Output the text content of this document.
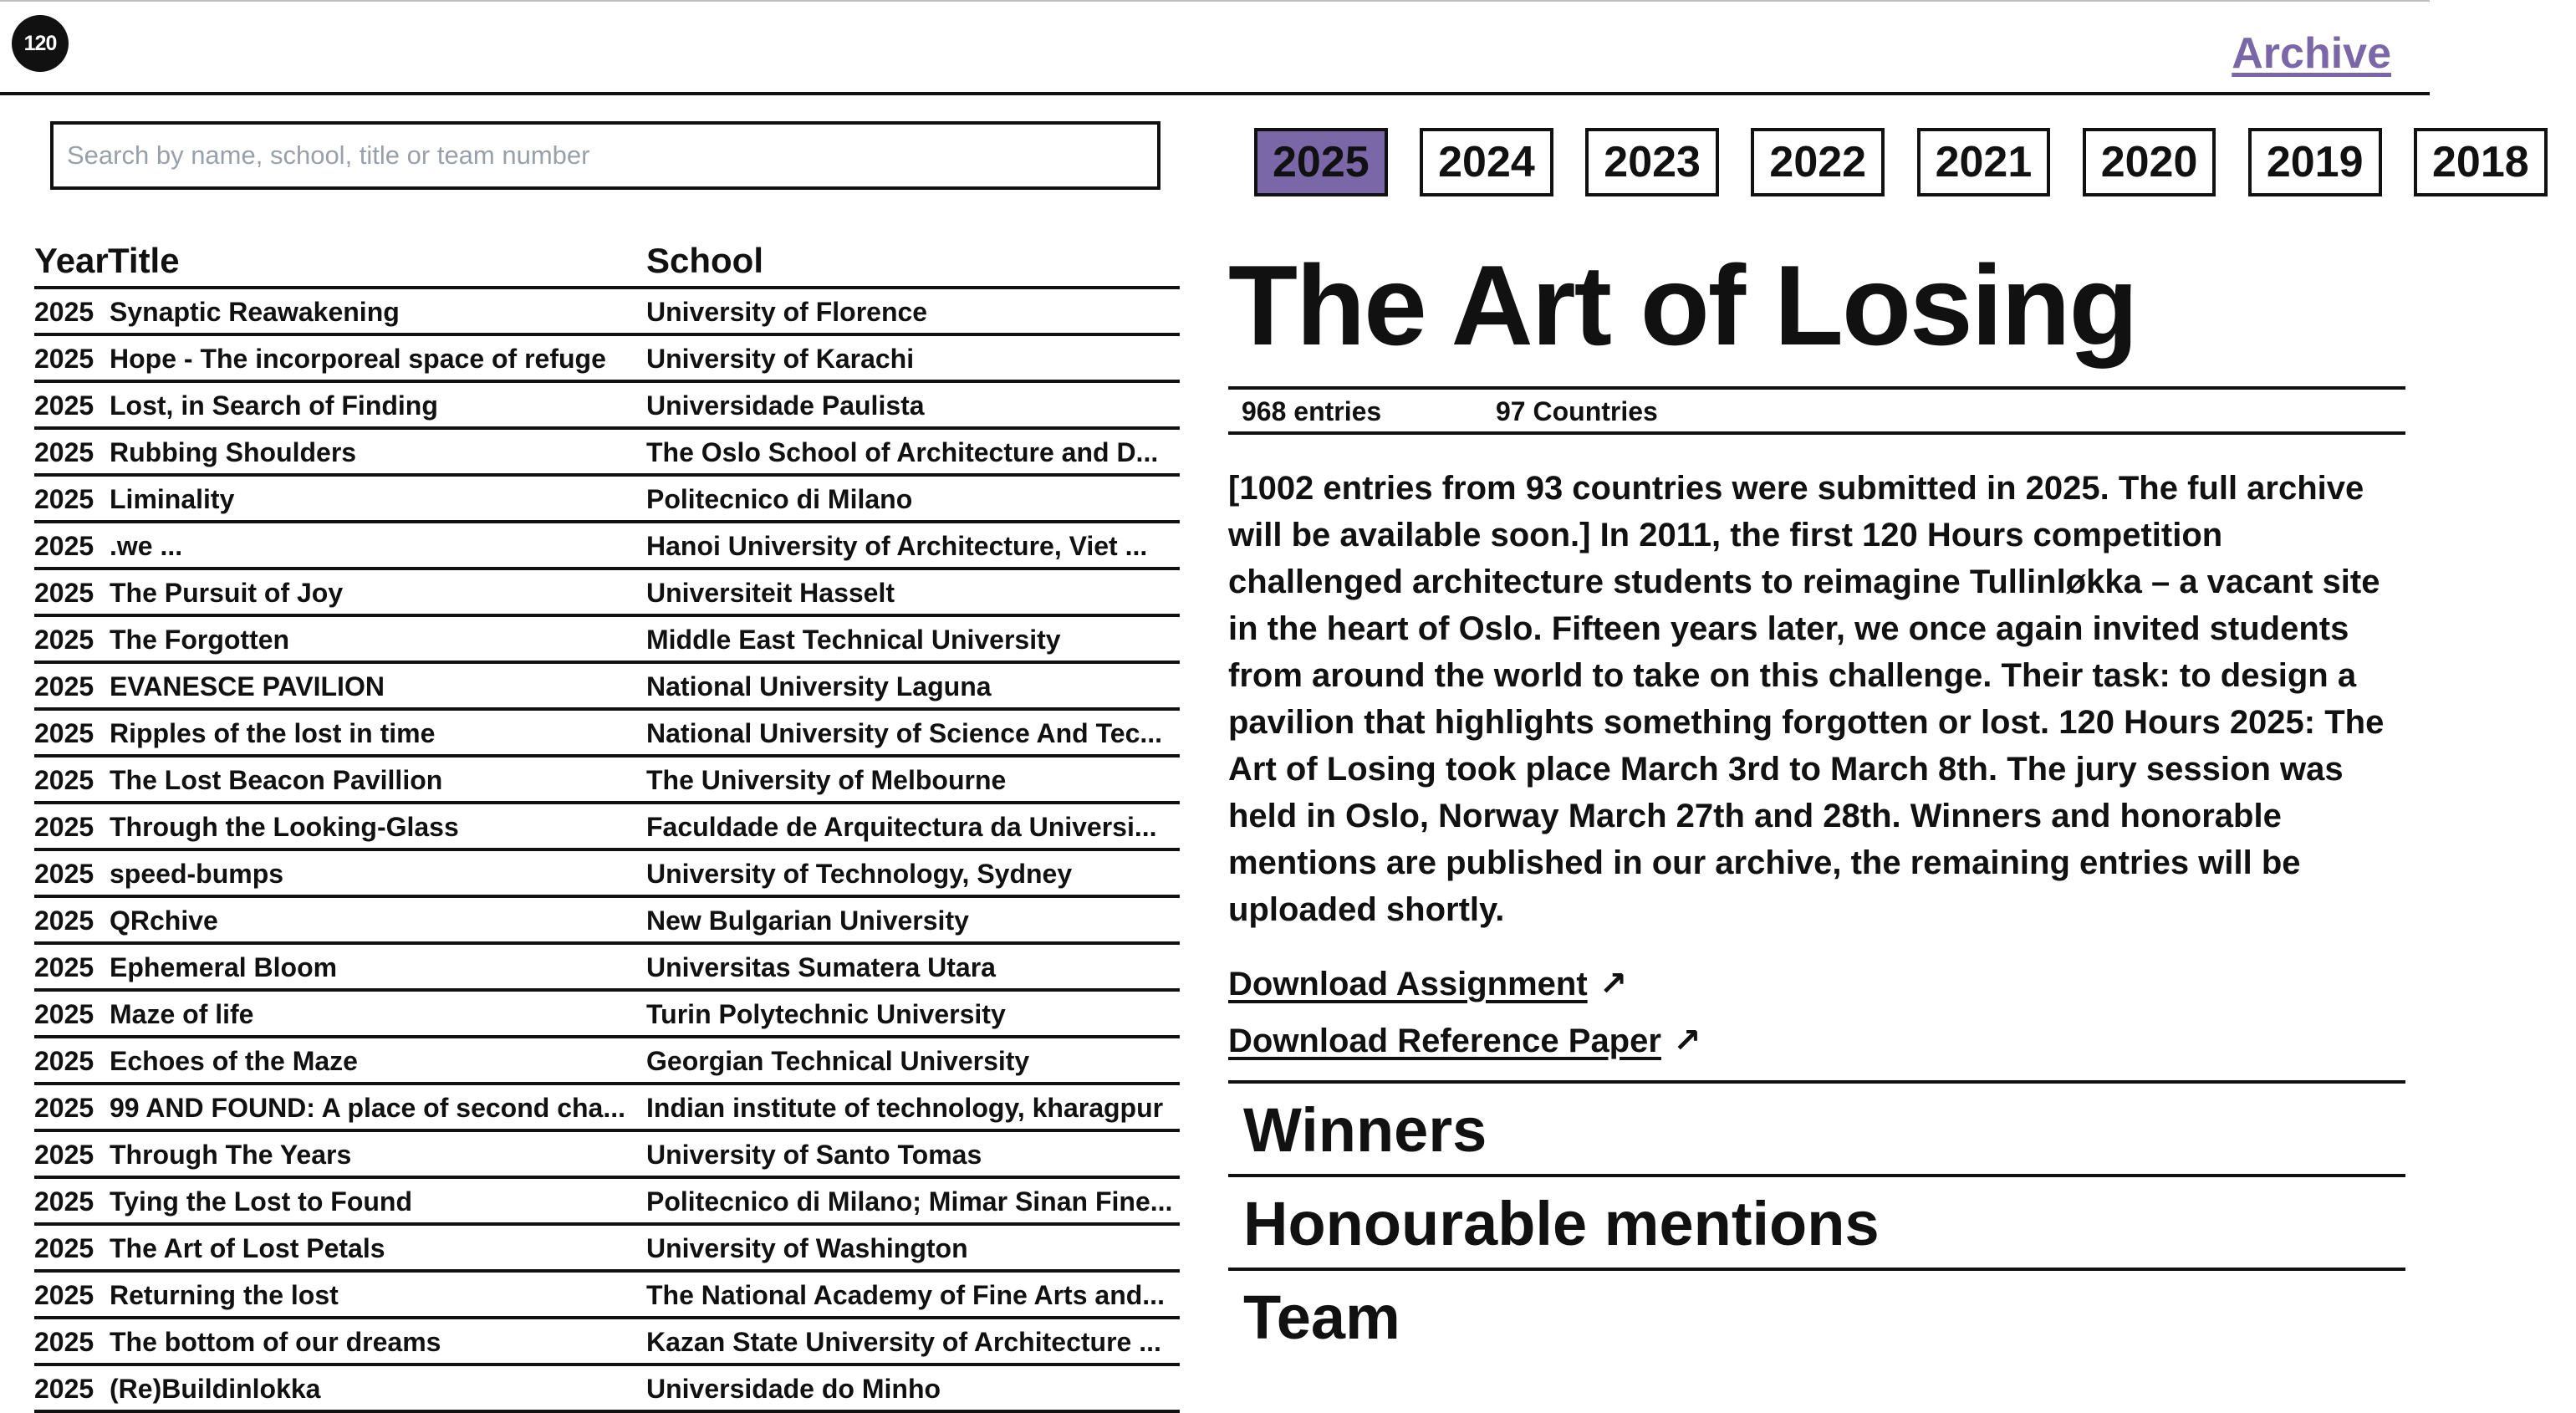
120	Archive
Search by name, school, title or team number
2025 2024 2023 2022 2021 2020 2019 2018
Year Title	School
2025 Synaptic Reawakening	University of Florence
2025 Hope - The incorporeal space of refuge	University of Karachi
2025 Lost, in Search of Finding	Universidade Paulista
2025 Rubbing Shoulders	The Oslo School of Architecture and D...
2025 Liminality	Politecnico di Milano
2025 .we ...	Hanoi University of Architecture, Viet ...
2025 The Pursuit of Joy	Universiteit Hasselt
2025 The Forgotten	Middle East Technical University
2025 EVANESCE PAVILION	National University Laguna
2025 Ripples of the lost in time	National University of Science And Tec...
2025 The Lost Beacon Pavillion	The University of Melbourne
2025 Through the Looking-Glass	Faculdade de Arquitectura da Universi...
2025 speed-bumps	University of Technology, Sydney
2025 QRchive	New Bulgarian University
2025 Ephemeral Bloom	Universitas Sumatera Utara
2025 Maze of life	Turin Polytechnic University
2025 Echoes of the Maze	Georgian Technical University
2025 99 AND FOUND: A place of second cha... Indian institute of technology, kharagpur
2025 Through The Years	University of Santo Tomas
2025 Tying the Lost to Found	Politecnico di Milano; Mimar Sinan Fine...
2025 The Art of Lost Petals	University of Washington
2025 Returning the lost	The National Academy of Fine Arts and...
2025 The bottom of our dreams	Kazan State University of Architecture ...
2025 (Re)Buildinlokka	Universidade do Minho
The Art of Losing
968 entries	97 Countries

[1002 entries from 93 countries were submitted in 2025. The full archive will be available soon.] In 2011, the first 120 Hours competition challenged architecture students to reimagine Tullinløkka – a vacant site in the heart of Oslo. Fifteen years later, we once again invited students from around the world to take on this challenge. Their task: to design a pavilion that highlights something forgotten or lost. 120 Hours 2025: The Art of Losing took place March 3rd to March 8th. The jury session was held in Oslo, Norway March 27th and 28th. Winners and honorable mentions are published in our archive, the remaining entries will be uploaded shortly.

Download Assignment ↗
Download Reference Paper ↗
Winners
Honourable mentions
Team
